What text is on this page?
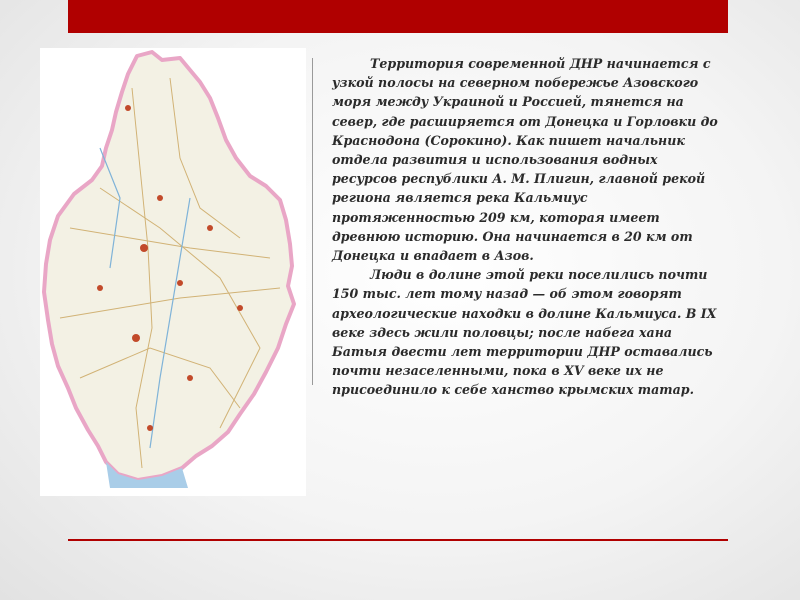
Территория современной ДНР начинается с узкой полосы на северном побережье Азовского моря между Украиной и Россией, тянется на север, где расширяется от Донецка и Горловки до Краснодона (Сорокино). Как пишет начальник отдела развития и использования водных ресурсов республики А. М. Плигин, главной рекой региона является река Кальмиус протяженностью 209 км, которая имеет древнюю историю. Она начинается в 20 км от Донецка и впадает в Азов.

Люди в долине этой реки поселились почти 150 тыс. лет тому назад — об этом говорят археологические находки в долине Кальмиуса. В IX веке здесь жили половцы; после набега хана Батыя двести лет территории ДНР оставались почти незаселенными, пока в XV веке их не присоединило к себе ханство крымских татар.
